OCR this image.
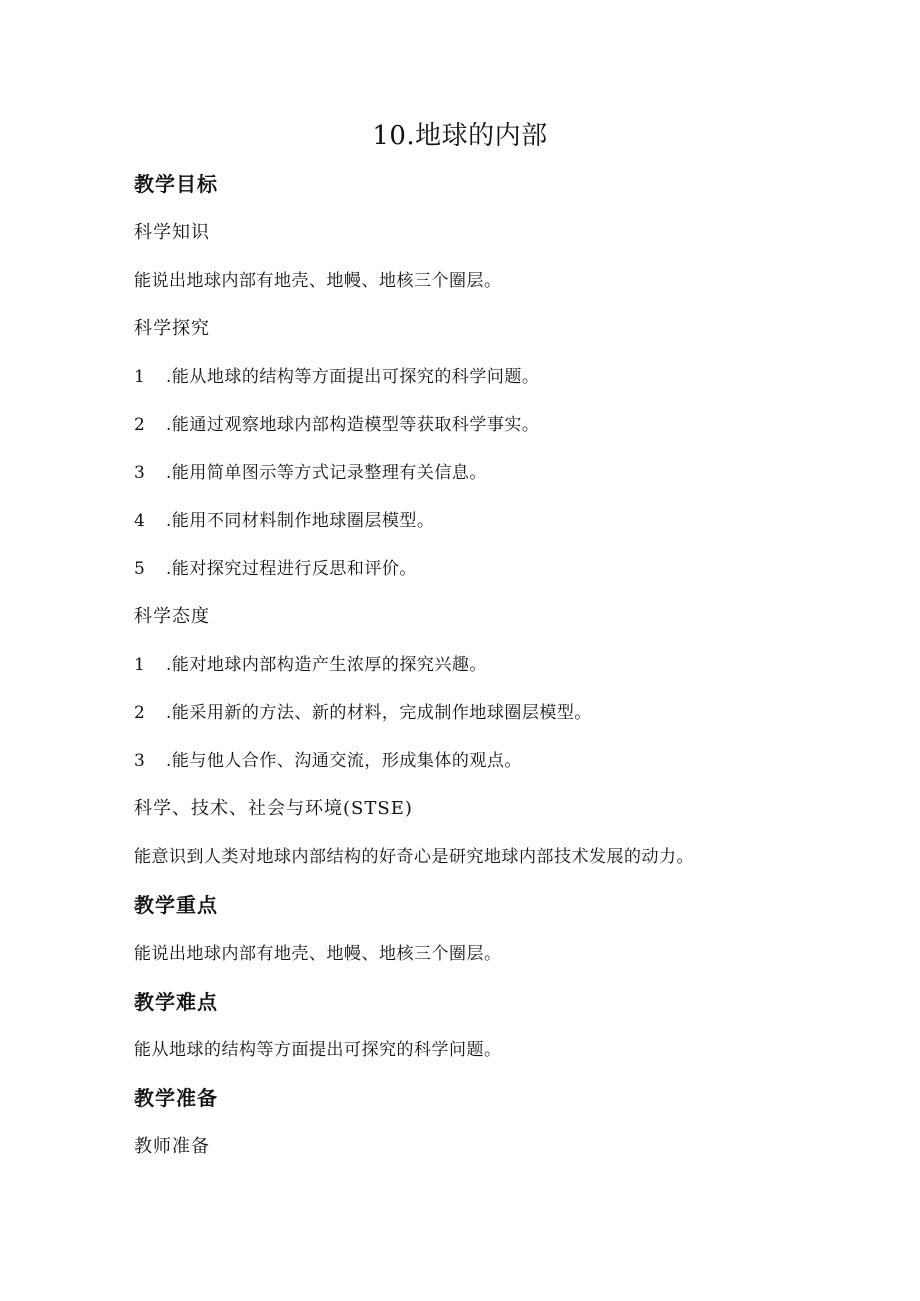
10.地球的内部
教学目标
科学知识
能说出地球内部有地壳、地幔、地核三个圈层。
科学探究
1 .能从地球的结构等方面提出可探究的科学问题。
2 .能通过观察地球内部构造模型等获取科学事实。
3 .能用简单图示等方式记录整理有关信息。
4 .能用不同材料制作地球圈层模型。
5 .能对探究过程进行反思和评价。
科学态度
1 .能对地球内部构造产生浓厚的探究兴趣。
2 .能采用新的方法、新的材料，完成制作地球圈层模型。
3 .能与他人合作、沟通交流，形成集体的观点。
科学、技术、社会与环境(STSE)
能意识到人类对地球内部结构的好奇心是研究地球内部技术发展的动力。
教学重点
能说出地球内部有地壳、地幔、地核三个圈层。
教学难点
能从地球的结构等方面提出可探究的科学问题。
教学准备
教师准备
